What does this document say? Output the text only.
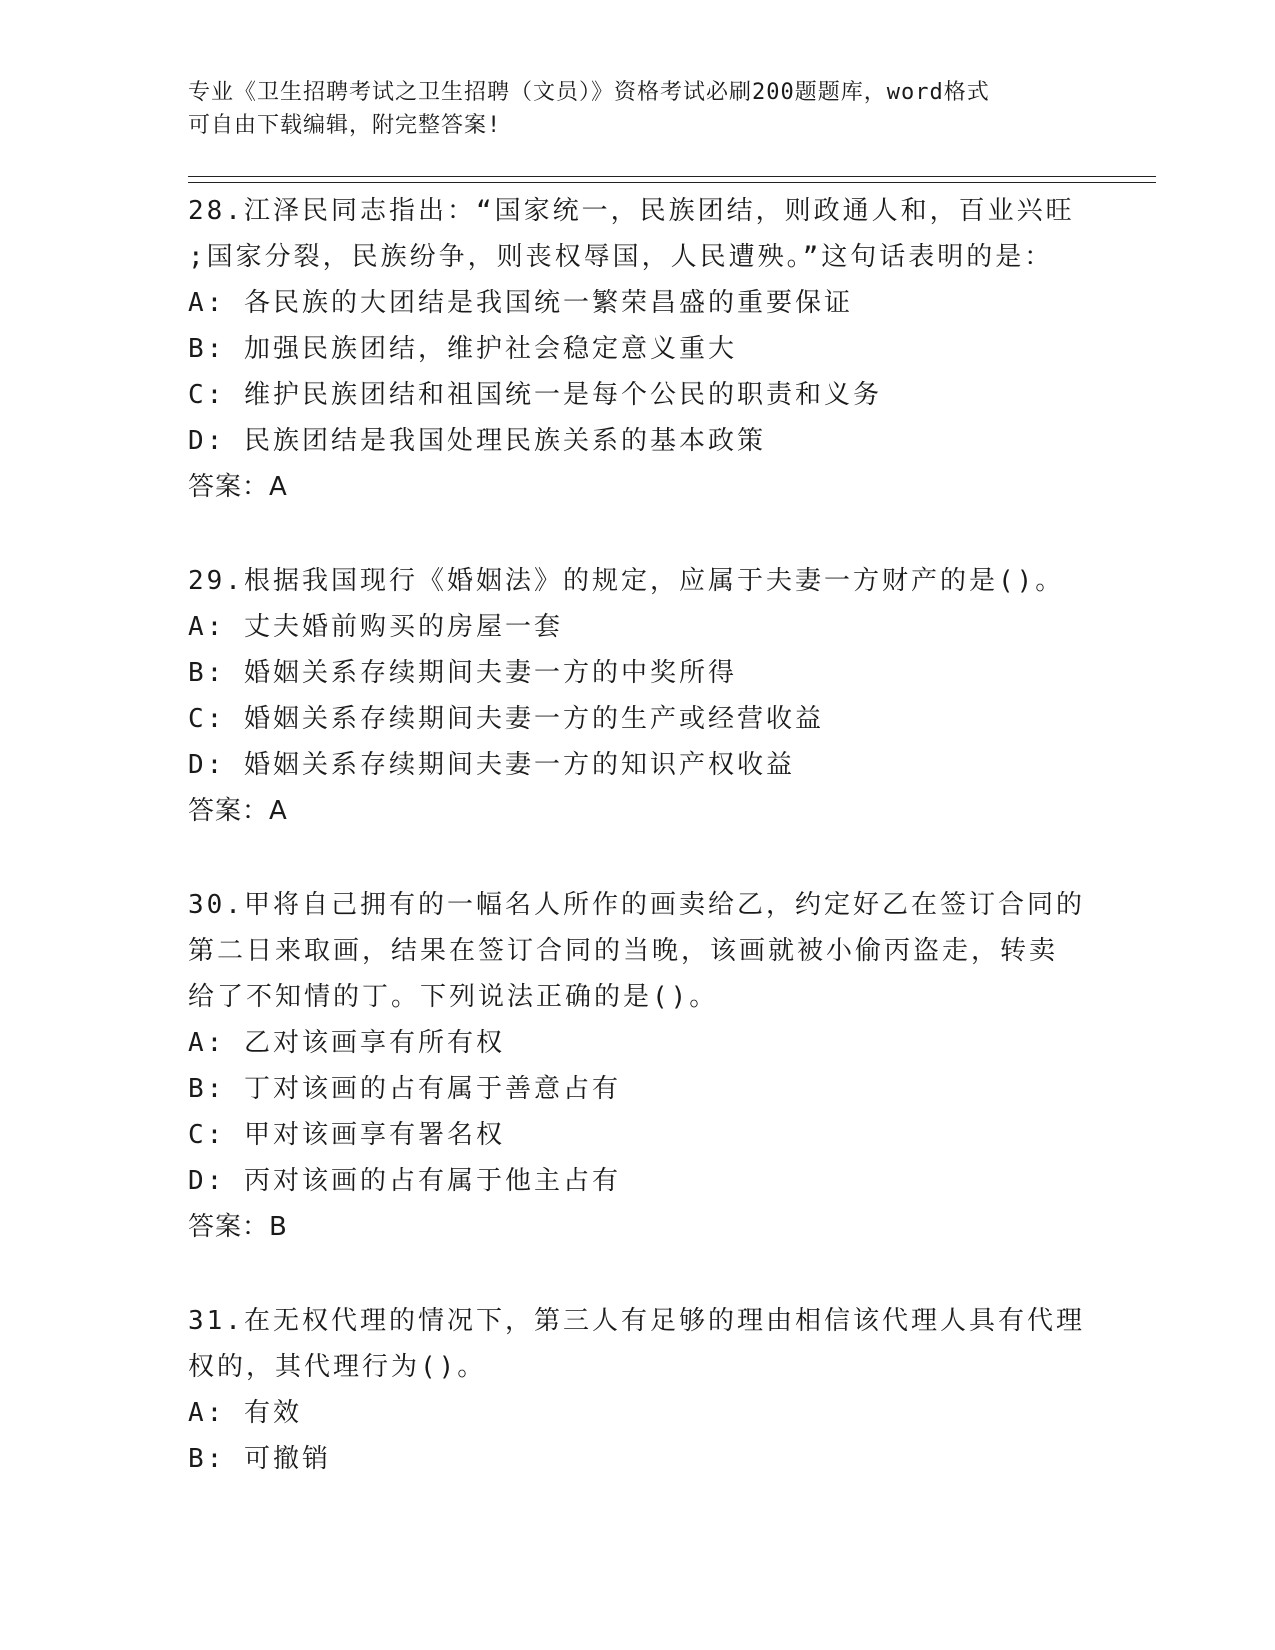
专业《卫生招聘考试之卫生招聘（文员）》资格考试必刷200题题库，word格式
可自由下载编辑，附完整答案!
28.江泽民同志指出：“国家统一，民族团结，则政通人和，百业兴旺
;国家分裂，民族纷争，则丧权辱国，人民遭殃。”这句话表明的是：
A: 各民族的大团结是我国统一繁荣昌盛的重要保证
B: 加强民族团结，维护社会稳定意义重大
C: 维护民族团结和祖国统一是每个公民的职责和义务
D: 民族团结是我国处理民族关系的基本政策
答案：A
29.根据我国现行《婚姻法》的规定，应属于夫妻一方财产的是()。
A: 丈夫婚前购买的房屋一套
B: 婚姻关系存续期间夫妻一方的中奖所得
C: 婚姻关系存续期间夫妻一方的生产或经营收益
D: 婚姻关系存续期间夫妻一方的知识产权收益
答案：A
30.甲将自己拥有的一幅名人所作的画卖给乙，约定好乙在签订合同的
第二日来取画，结果在签订合同的当晚，该画就被小偷丙盗走，转卖
给了不知情的丁。下列说法正确的是()。
A: 乙对该画享有所有权
B: 丁对该画的占有属于善意占有
C: 甲对该画享有署名权
D: 丙对该画的占有属于他主占有
答案：B
31.在无权代理的情况下，第三人有足够的理由相信该代理人具有代理
权的，其代理行为()。
A: 有效
B: 可撤销
